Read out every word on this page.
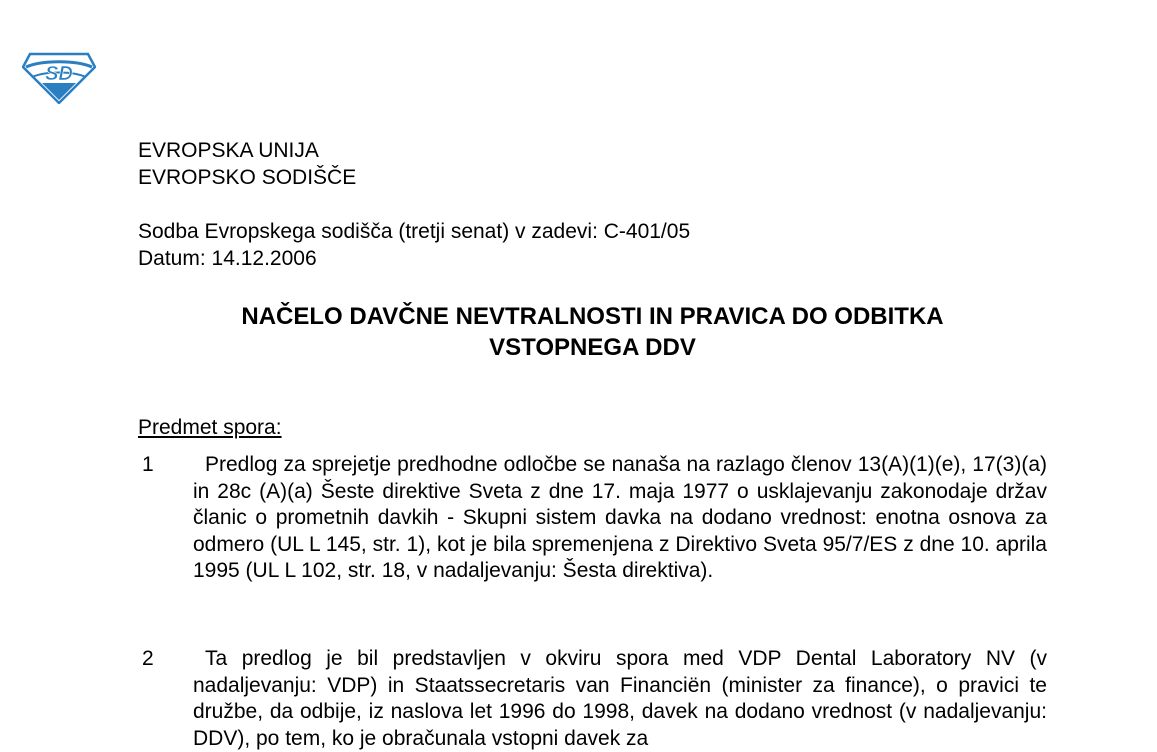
SD
EVROPSKA UNIJA
EVROPSKO SODIŠČE
Sodba Evropskega sodišča (tretji senat) v zadevi: C-401/05
Datum: 14.12.2006
NAČELO DAVČNE NEVTRALNOSTI IN PRAVICA DO ODBITKA
VSTOPNEGA DDV
Predmet spora:
1	Predlog za sprejetje predhodne odločbe se nanaša na razlago členov 13(A)(1)(e), 17(3)(a) in 28c (A)(a) Šeste direktive Sveta z dne 17. maja 1977 o usklajevanju zakonodaje držav članic o prometnih davkih - Skupni sistem davka na dodano vrednost: enotna osnova za odmero (UL L 145, str. 1), kot je bila spremenjena z Direktivo Sveta 95/7/ES z dne 10. aprila 1995 (UL L 102, str. 18, v nadaljevanju: Šesta direktiva).
2	Ta predlog je bil predstavljen v okviru spora med VDP Dental Laboratory NV (v nadaljevanju: VDP) in Staatssecretaris van Financiën (minister za finance), o pravici te družbe, da odbije, iz naslova let 1996 do 1998, davek na dodano vrednost (v nadaljevanju: DDV), po tem, ko je obračunala vstopni davek za
